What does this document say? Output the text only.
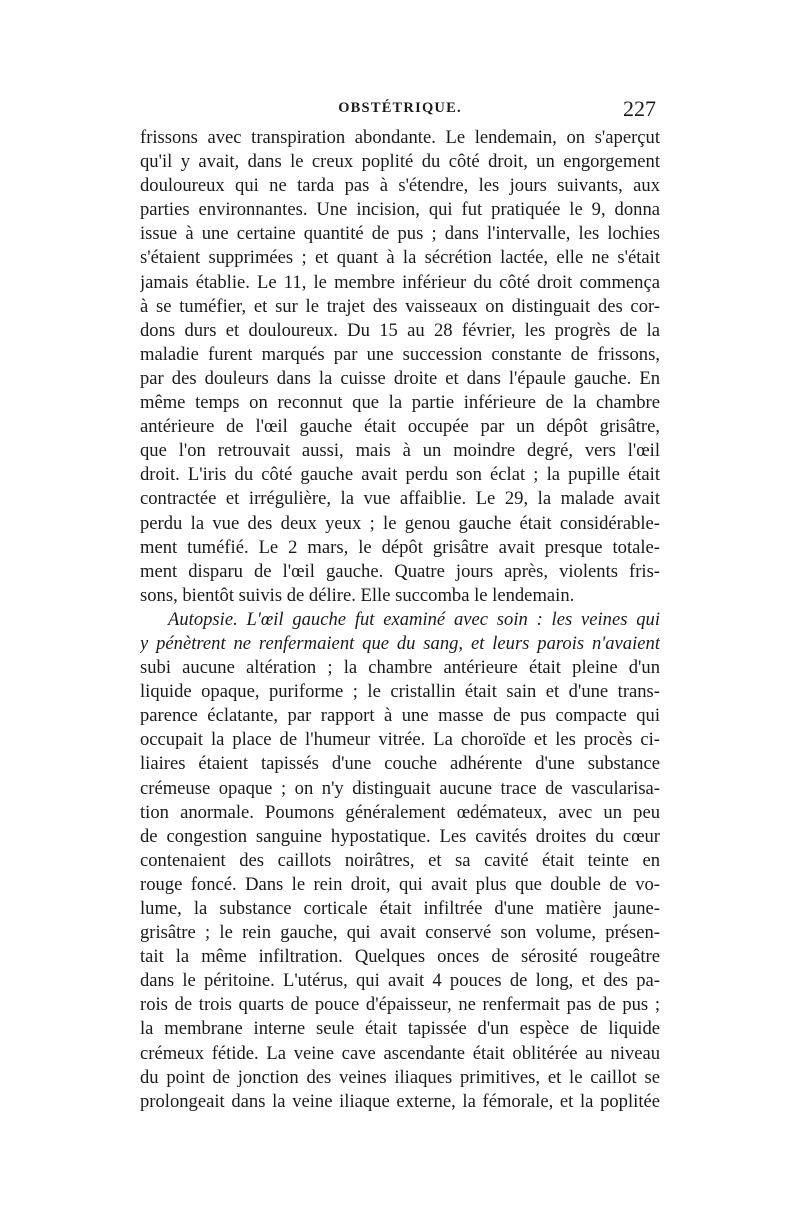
OBSTÉTRIQUE.	227
frissons avec transpiration abondante. Le lendemain, on s'aperçut
qu'il y avait, dans le creux poplité du côté droit, un engorgement
douloureux qui ne tarda pas à s'étendre, les jours suivants, aux
parties environnantes. Une incision, qui fut pratiquée le 9, donna
issue à une certaine quantité de pus ; dans l'intervalle, les lochies
s'étaient supprimées ; et quant à la sécrétion lactée, elle ne s'était
jamais établie. Le 11, le membre inférieur du côté droit commença
à se tuméfier, et sur le trajet des vaisseaux on distinguait des cor-
dons durs et douloureux. Du 15 au 28 février, les progrès de la
maladie furent marqués par une succession constante de frissons,
par des douleurs dans la cuisse droite et dans l'épaule gauche. En
même temps on reconnut que la partie inférieure de la chambre
antérieure de l'œil gauche était occupée par un dépôt grisâtre,
que l'on retrouvait aussi, mais à un moindre degré, vers l'œil
droit. L'iris du côté gauche avait perdu son éclat ; la pupille était
contractée et irrégulière, la vue affaiblie. Le 29, la malade avait
perdu la vue des deux yeux ; le genou gauche était considérable-
ment tuméfié. Le 2 mars, le dépôt grisâtre avait presque totale-
ment disparu de l'œil gauche. Quatre jours après, violents fris-
sons, bientôt suivis de délire. Elle succomba le lendemain.
Autopsie. L'œil gauche fut examiné avec soin : les veines qui
y pénètrent ne renfermaient que du sang, et leurs parois n'avaient
subi aucune altération ; la chambre antérieure était pleine d'un
liquide opaque, puriforme ; le cristallin était sain et d'une trans-
parence éclatante, par rapport à une masse de pus compacte qui
occupait la place de l'humeur vitrée. La choroïde et les procès ci-
liaires étaient tapissés d'une couche adhérente d'une substance
crémeuse opaque ; on n'y distinguait aucune trace de vascularisa-
tion anormale. Poumons généralement œdémateux, avec un peu
de congestion sanguine hypostatique. Les cavités droites du cœur
contenaient des caillots noirâtres, et sa cavité était teinte en
rouge foncé. Dans le rein droit, qui avait plus que double de vo-
lume, la substance corticale était infiltrée d'une matière jaune-
grisâtre ; le rein gauche, qui avait conservé son volume, présen-
tait la même infiltration. Quelques onces de sérosité rougeâtre
dans le péritoine. L'utérus, qui avait 4 pouces de long, et des pa-
rois de trois quarts de pouce d'épaisseur, ne renfermait pas de pus ;
la membrane interne seule était tapissée d'un espèce de liquide
crémeux fétide. La veine cave ascendante était oblitérée au niveau
du point de jonction des veines iliaques primitives, et le caillot se
prolongeait dans la veine iliaque externe, la fémorale, et la poplitée
